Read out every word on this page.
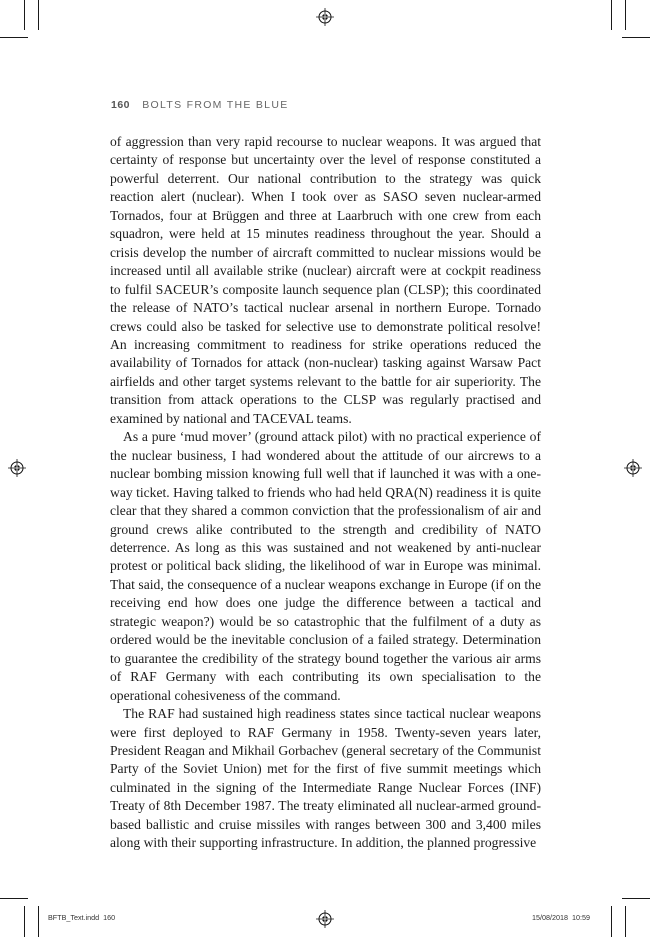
160 BOLTS FROM THE BLUE

of aggression than very rapid recourse to nuclear weapons. It was argued that certainty of response but uncertainty over the level of response constituted a powerful deterrent. Our national contribution to the strategy was quick reaction alert (nuclear). When I took over as SASO seven nuclear-armed Tornados, four at Brüggen and three at Laarbruch with one crew from each squadron, were held at 15 minutes readiness throughout the year. Should a crisis develop the number of aircraft committed to nuclear missions would be increased until all available strike (nuclear) aircraft were at cockpit readiness to fulfil SACEUR’s composite launch sequence plan (CLSP); this coordinated the release of NATO’s tactical nuclear arsenal in northern Europe. Tornado crews could also be tasked for selective use to demonstrate political resolve! An increasing commitment to readiness for strike operations reduced the availability of Tornados for attack (non-nuclear) tasking against Warsaw Pact airfields and other target systems relevant to the battle for air superiority. The transition from attack operations to the CLSP was regularly practised and examined by national and TACEVAL teams.

As a pure ‘mud mover’ (ground attack pilot) with no practical experience of the nuclear business, I had wondered about the attitude of our aircrews to a nuclear bombing mission knowing full well that if launched it was with a one-way ticket. Having talked to friends who had held QRA(N) readiness it is quite clear that they shared a common conviction that the professionalism of air and ground crews alike contributed to the strength and credibility of NATO deterrence. As long as this was sustained and not weakened by anti-nuclear protest or political back sliding, the likelihood of war in Europe was minimal. That said, the consequence of a nuclear weapons exchange in Europe (if on the receiving end how does one judge the difference between a tactical and strategic weapon?) would be so catastrophic that the fulfilment of a duty as ordered would be the inevitable conclusion of a failed strategy. Determination to guarantee the credibility of the strategy bound together the various air arms of RAF Germany with each contributing its own specialisation to the operational cohesiveness of the command.

The RAF had sustained high readiness states since tactical nuclear weapons were first deployed to RAF Germany in 1958. Twenty-seven years later, President Reagan and Mikhail Gorbachev (general secretary of the Communist Party of the Soviet Union) met for the first of five summit meetings which culminated in the signing of the Intermediate Range Nuclear Forces (INF) Treaty of 8th December 1987. The treaty eliminated all nuclear-armed ground-based ballistic and cruise missiles with ranges between 300 and 3,400 miles along with their supporting infrastructure. In addition, the planned progressive

BFTB_Text.indd 160	15/08/2018 10:59
